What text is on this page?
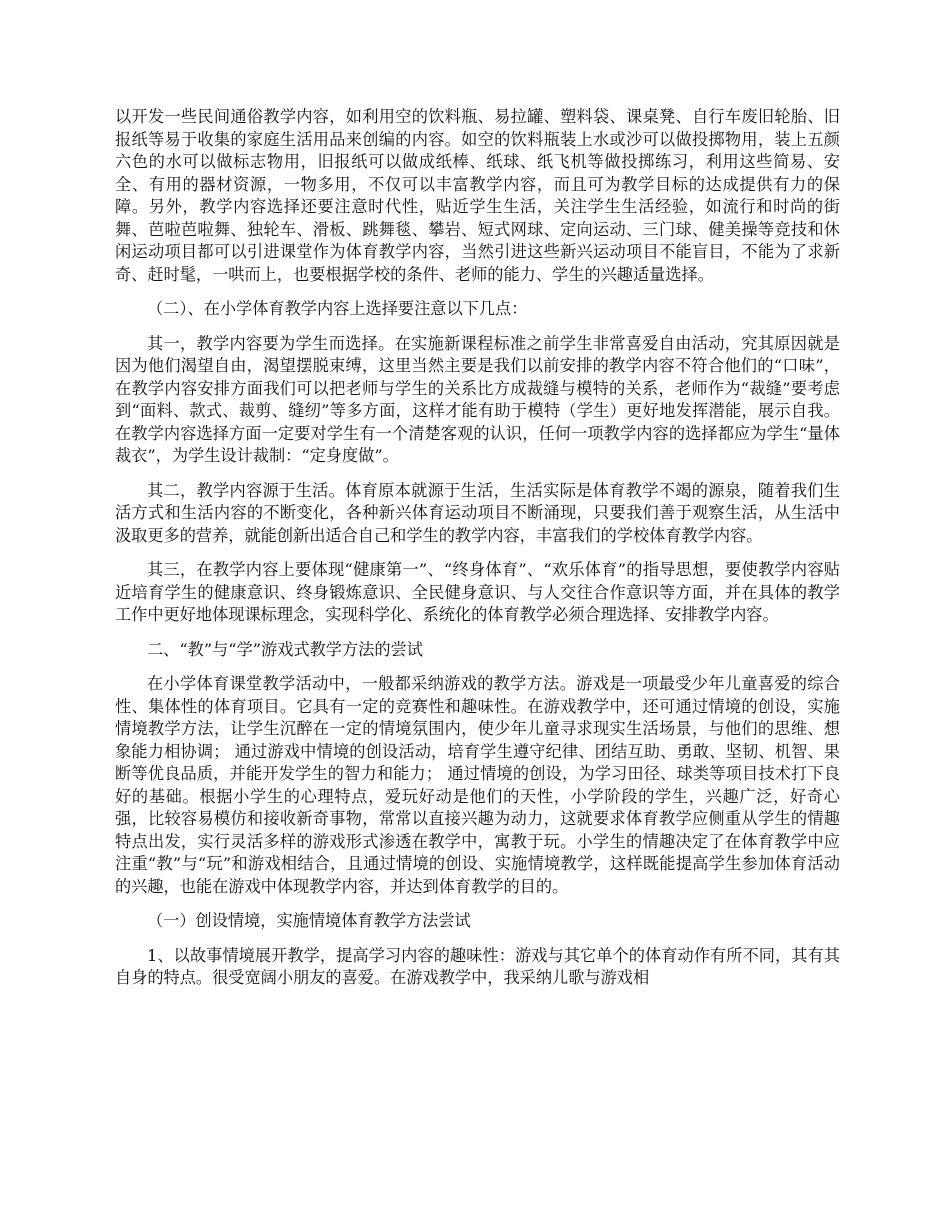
以开发一些民间通俗教学内容，如利用空的饮料瓶、易拉罐、塑料袋、课桌凳、自行车废旧轮胎、旧报纸等易于收集的家庭生活用品来创编的内容。如空的饮料瓶装上水或沙可以做投掷物用，装上五颜六色的水可以做标志物用，旧报纸可以做成纸棒、纸球、纸飞机等做投掷练习，利用这些简易、安全、有用的器材资源，一物多用，不仅可以丰富教学内容，而且可为教学目标的达成提供有力的保障。另外，教学内容选择还要注意时代性，贴近学生生活，关注学生生活经验，如流行和时尚的街舞、芭啦芭啦舞、独轮车、滑板、跳舞毯、攀岩、短式网球、定向运动、三门球、健美操等竞技和休闲运动项目都可以引进课堂作为体育教学内容，当然引进这些新兴运动项目不能盲目，不能为了求新奇、赶时髦，一哄而上，也要根据学校的条件、老师的能力、学生的兴趣适量选择。

（二）、在小学体育教学内容上选择要注意以下几点：

其一，教学内容要为学生而选择。在实施新课程标准之前学生非常喜爱自由活动，究其原因就是因为他们渴望自由，渴望摆脱束缚，这里当然主要是我们以前安排的教学内容不符合他们的“口味”，在教学内容安排方面我们可以把老师与学生的关系比方成裁缝与模特的关系，老师作为“裁缝”要考虑到“面料、款式、裁剪、缝纫”等多方面，这样才能有助于模特（学生）更好地发挥潜能，展示自我。在教学内容选择方面一定要对学生有一个清楚客观的认识，任何一项教学内容的选择都应为学生“量体裁衣”，为学生设计裁制：“定身度做”。

其二，教学内容源于生活。体育原本就源于生活，生活实际是体育教学不竭的源泉，随着我们生活方式和生活内容的不断变化，各种新兴体育运动项目不断涌现，只要我们善于观察生活，从生活中汲取更多的营养，就能创新出适合自己和学生的教学内容，丰富我们的学校体育教学内容。

其三，在教学内容上要体现“健康第一”、“终身体育”、“欢乐体育”的指导思想，要使教学内容贴近培育学生的健康意识、终身锻炼意识、全民健身意识、与人交往合作意识等方面，并在具体的教学工作中更好地体现课标理念，实现科学化、系统化的体育教学必须合理选择、安排教学内容。

二、“教”与“学”游戏式教学方法的尝试

在小学体育课堂教学活动中，一般都采纳游戏的教学方法。游戏是一项最受少年儿童喜爱的综合性、集体性的体育项目。它具有一定的竞赛性和趣味性。在游戏教学中，还可通过情境的创设，实施情境教学方法，让学生沉醉在一定的情境氛围内，使少年儿童寻求现实生活场景，与他们的思维、想象能力相协调； 通过游戏中情境的创设活动，培育学生遵守纪律、团结互助、勇敢、坚韧、机智、果断等优良品质，并能开发学生的智力和能力； 通过情境的创设，为学习田径、球类等项目技术打下良好的基础。根据小学生的心理特点，爱玩好动是他们的天性，小学阶段的学生，兴趣广泛，好奇心强，比较容易模仿和接收新奇事物，常常以直接兴趣为动力，这就要求体育教学应侧重从学生的情趣特点出发，实行灵活多样的游戏形式渗透在教学中，寓教于玩。小学生的情趣决定了在体育教学中应注重“教”与“玩”和游戏相结合，且通过情境的创设、实施情境教学，这样既能提高学生参加体育活动的兴趣，也能在游戏中体现教学内容，并达到体育教学的目的。

（一）创设情境，实施情境体育教学方法尝试

1、以故事情境展开教学，提高学习内容的趣味性：游戏与其它单个的体育动作有所不同，其有其自身的特点。很受宽阔小朋友的喜爱。在游戏教学中，我采纳儿歌与游戏相
